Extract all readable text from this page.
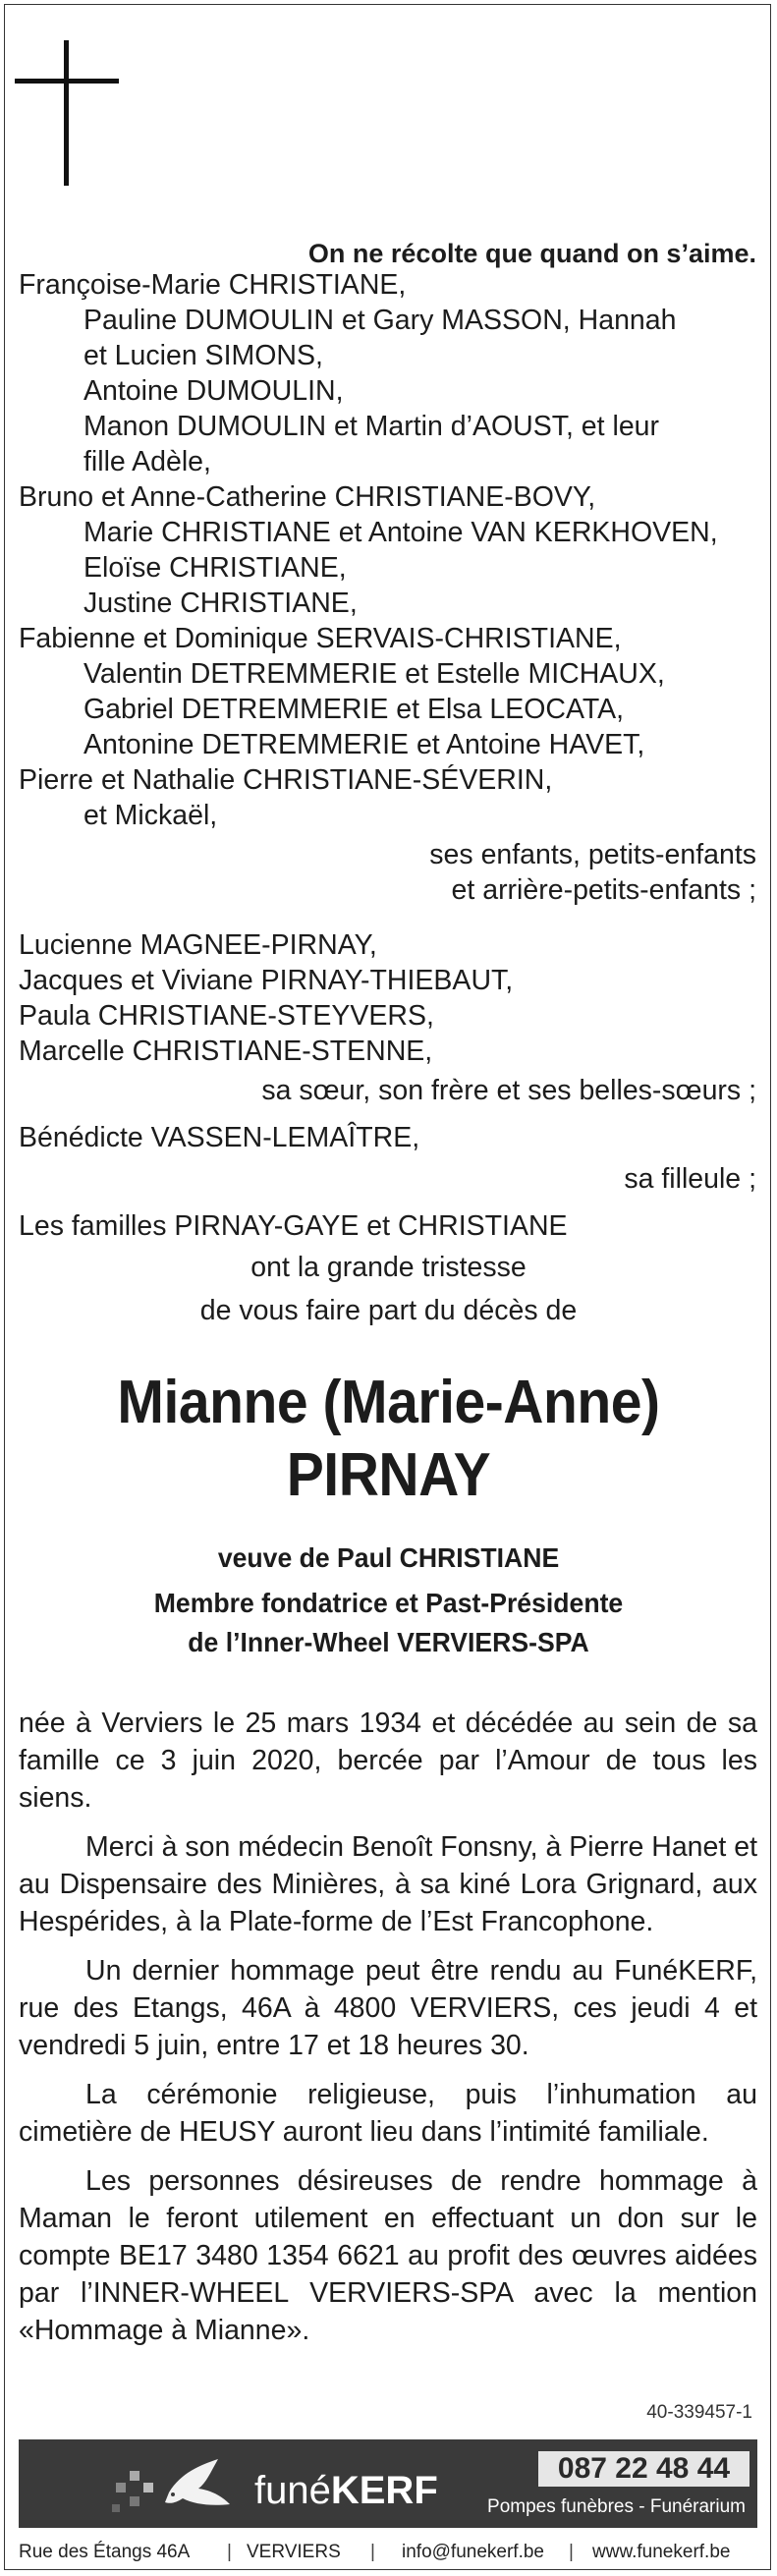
On ne récolte que quand on s’aime.
Françoise-Marie CHRISTIANE,
Pauline DUMOULIN et Gary MASSON, Hannah
et Lucien SIMONS,
Antoine DUMOULIN,
Manon DUMOULIN et Martin d’AOUST, et leur
fille Adèle,
Bruno et Anne-Catherine CHRISTIANE-BOVY,
Marie CHRISTIANE et Antoine VAN KERKHOVEN,
Eloïse CHRISTIANE,
Justine CHRISTIANE,
Fabienne et Dominique SERVAIS-CHRISTIANE,
Valentin DETREMMERIE et Estelle MICHAUX,
Gabriel DETREMMERIE et Elsa LEOCATA,
Antonine DETREMMERIE et Antoine HAVET,
Pierre et Nathalie CHRISTIANE-SÉVERIN,
et Mickaël,
ses enfants, petits-enfants
et arrière-petits-enfants ;
Lucienne MAGNEE-PIRNAY,
Jacques et Viviane PIRNAY-THIEBAUT,
Paula CHRISTIANE-STEYVERS,
Marcelle CHRISTIANE-STENNE,
sa sœur, son frère et ses belles-sœurs ;
Bénédicte VASSEN-LEMAÎTRE,
sa filleule ;
Les familles PIRNAY-GAYE et CHRISTIANE
ont la grande tristesse
de vous faire part du décès de
Mianne (Marie-Anne)
PIRNAY
veuve de Paul CHRISTIANE
Membre fondatrice et Past-Présidente
de l’Inner-Wheel VERVIERS-SPA

née à Verviers le 25 mars 1934 et décédée au sein de sa famille ce 3 juin 2020, bercée par l’Amour de tous les siens.

Merci à son médecin Benoît Fonsny, à Pierre Hanet et au Dispensaire des Minières, à sa kiné Lora Grignard, aux Hespérides, à la Plate-forme de l’Est Francophone.

Un dernier hommage peut être rendu au FunéKERF, rue des Etangs, 46A à 4800 VERVIERS, ces jeudi 4 et vendredi 5 juin, entre 17 et 18 heures 30.

La cérémonie religieuse, puis l’inhumation au cimetière de HEUSY auront lieu dans l’intimité familiale.

Les personnes désireuses de rendre hommage à Maman le feront utilement en effectuant un don sur le compte BE17 3480 1354 6621 au profit des œuvres aidées par l’INNER-WHEEL VERVIERS-SPA avec la mention «Hommage à Mianne».

40-339457-1
funéKERF
087 22 48 44
Pompes funèbres - Funérarium
Rue des Étangs 46A | VERVIERS | info@funekerf.be | www.funekerf.be
